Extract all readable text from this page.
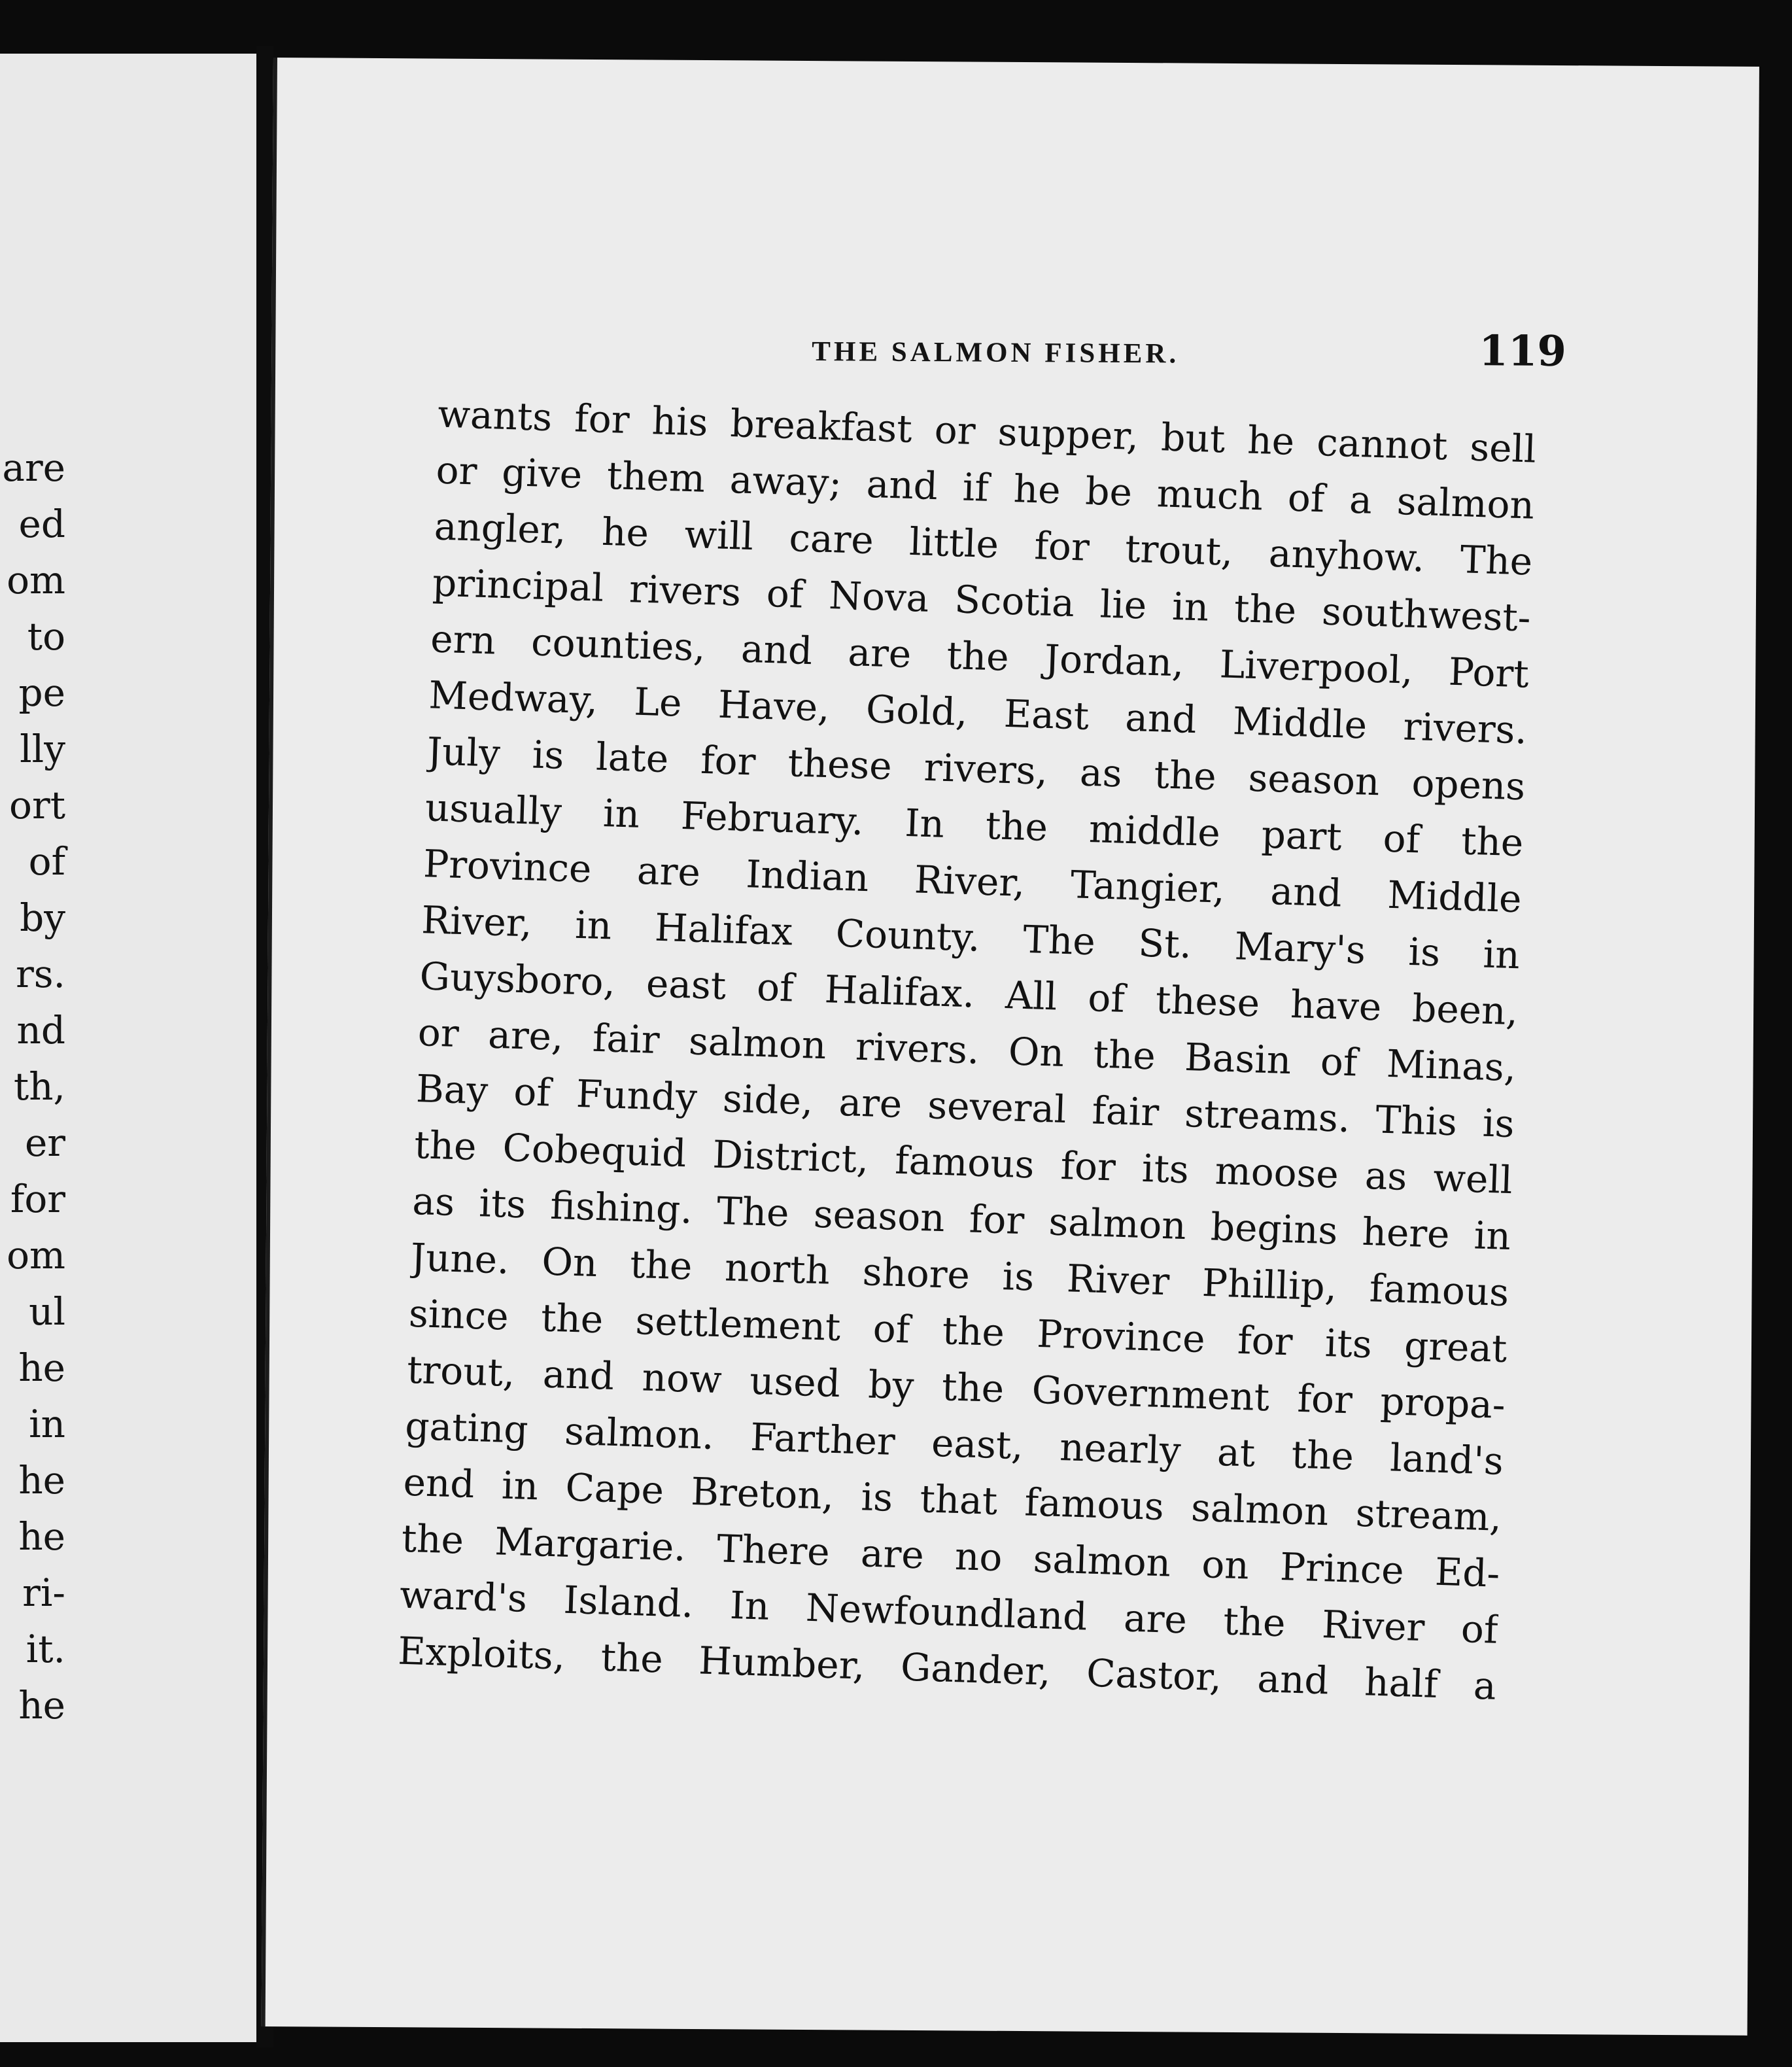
are
ed
om
to
pe
lly
ort
of
by
rs.
nd
th,
er
for
om
ul
he
in
he
he
ri-
it.
he
THE SALMON FISHER.	119
wants for his breakfast or supper, but he cannot sell
or give them away; and if he be much of a salmon
angler, he will care little for trout, anyhow. The
principal rivers of Nova Scotia lie in the southwest-
ern counties, and are the Jordan, Liverpool, Port
Medway, Le Have, Gold, East and Middle rivers.
July is late for these rivers, as the season opens
usually in February. In the middle part of the
Province are Indian River, Tangier, and Middle
River, in Halifax County. The St. Mary's is in
Guysboro, east of Halifax. All of these have been,
or are, fair salmon rivers. On the Basin of Minas,
Bay of Fundy side, are several fair streams. This is
the Cobequid District, famous for its moose as well
as its fishing. The season for salmon begins here in
June. On the north shore is River Phillip, famous
since the settlement of the Province for its great
trout, and now used by the Government for propa-
gating salmon. Farther east, nearly at the land's
end in Cape Breton, is that famous salmon stream,
the Margarie. There are no salmon on Prince Ed-
ward's Island. In Newfoundland are the River of
Exploits, the Humber, Gander, Castor, and half a
